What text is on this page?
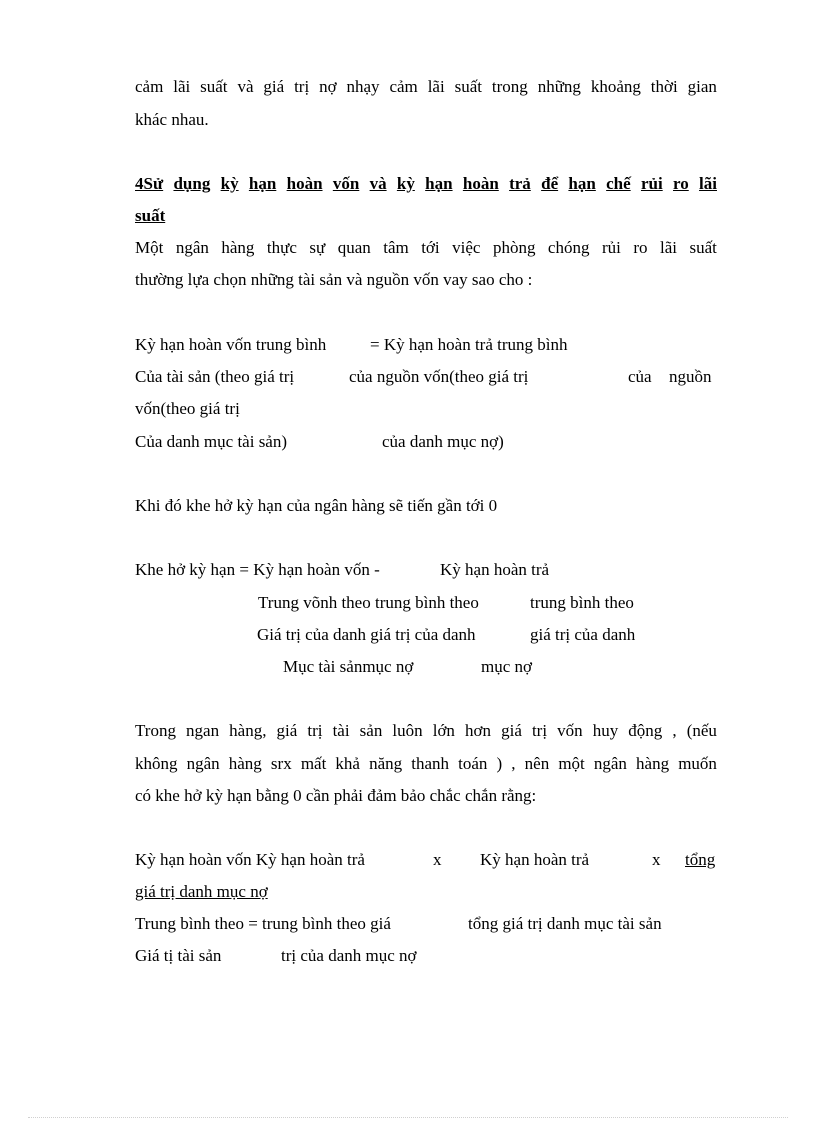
cảm lãi suất và giá trị nợ nhạy cảm lãi suất trong những khoảng thời gian
khác nhau.
4Sử dụng kỳ hạn hoàn vốn và kỳ hạn hoàn trả để hạn chế rủi ro lãi
suất
Một ngân hàng thực sự quan tâm tới việc phòng chóng rủi ro lãi suất
thường lựa chọn những tài sản và nguồn vốn vay sao cho :
Kỳ hạn hoàn vốn trung bình	= Kỳ hạn hoàn trả trung bình
Của tài sản (theo giá trị	của nguồn vốn(theo giá trị	của nguồn
vốn(theo giá trị
Của danh mục tài sản)	của danh mục nợ)
Khi đó khe hở kỳ hạn của ngân hàng sẽ tiến gần tới 0
Khe hở kỳ hạn = Kỳ hạn hoàn vốn -	Kỳ hạn hoàn trả
Trung võnh theo trung bình theo	trung bình theo
Giá trị của danh giá trị của danh	giá trị của danh
Mục tài sảnmục nợ	mục nợ
Trong ngan hàng, giá trị tài sản luôn lớn hơn giá trị vốn huy động , (nếu
không ngân hàng srx mất khả năng thanh toán ) , nên một ngân hàng muốn
có khe hở kỳ hạn bằng 0 cần phải đảm bảo chắc chắn rằng:
Kỳ hạn hoàn vốn Kỳ hạn hoàn trả	x Kỳ hạn hoàn trả	x tổng
giá trị danh mục nợ
Trung bình theo = trung bình theo giá	tổng giá trị danh mục tài sản
Giá tị tài sản	trị của danh mục nợ
